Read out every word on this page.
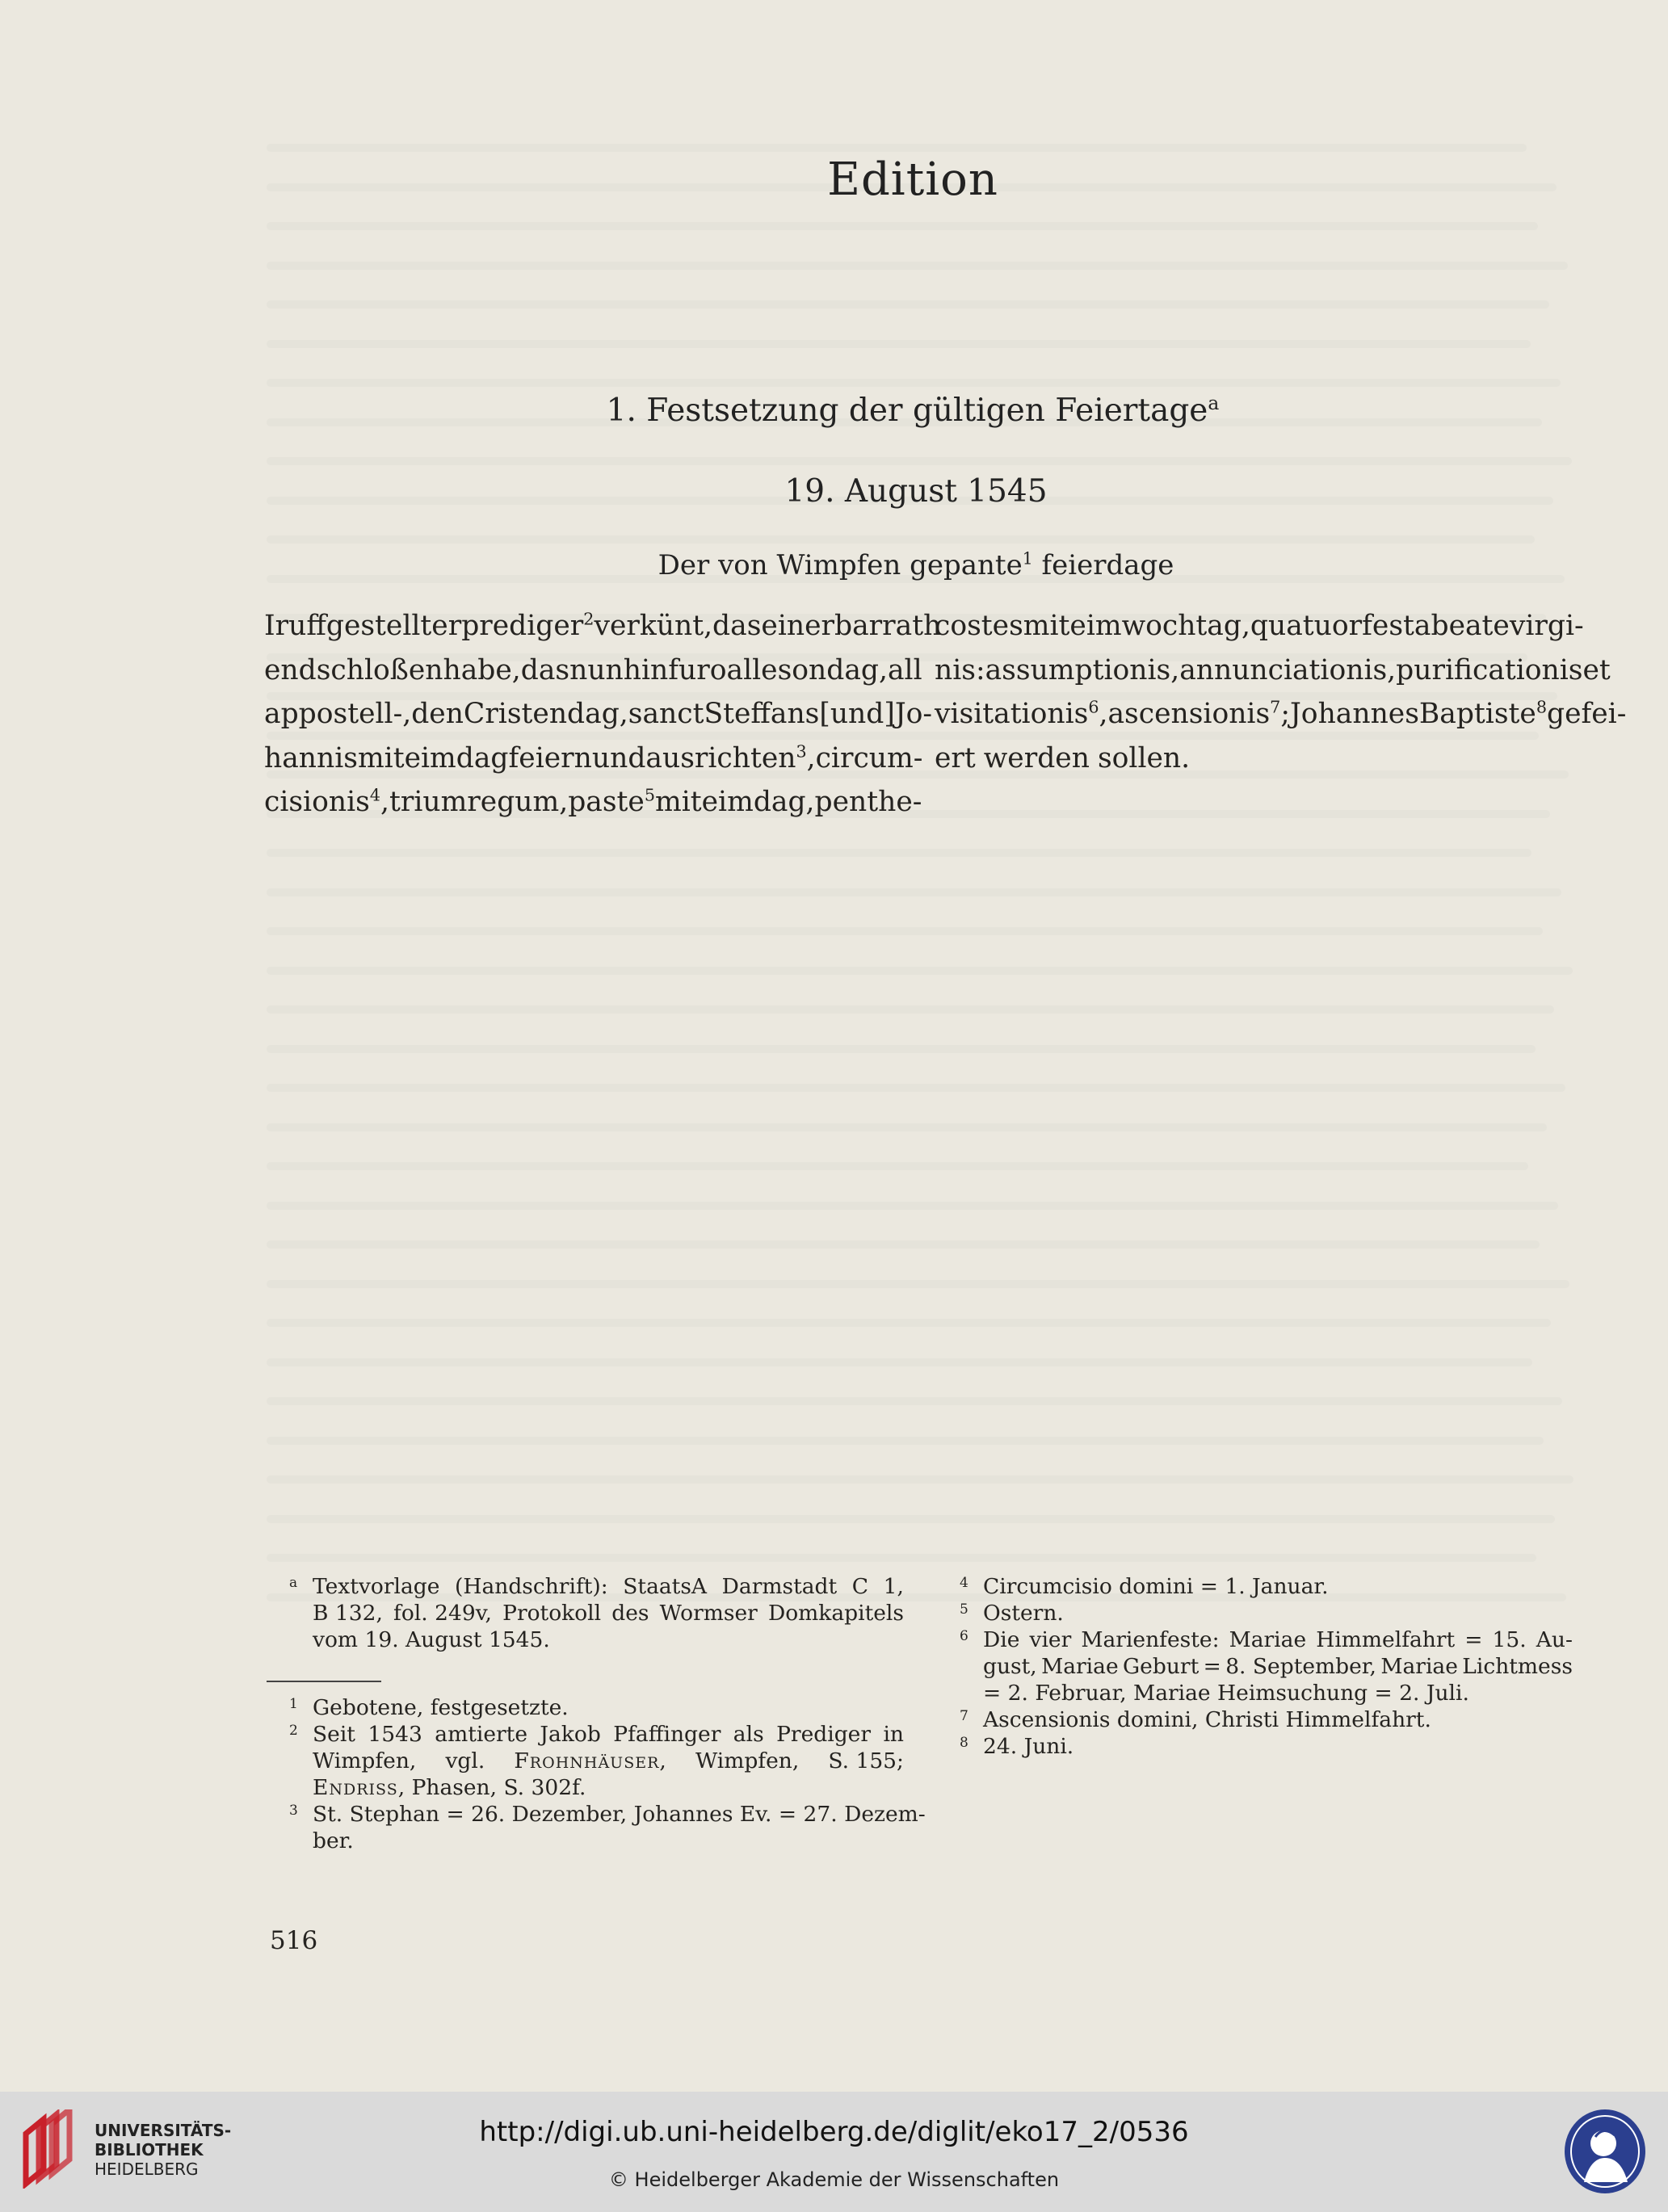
Edition
1. Festsetzung der gültigen Feiertage$^a$
19. August 1545
Der von Wimpfen gepante$^1$ feierdage
Ir uffgestellter prediger$^2$ verkünt, das ein erbar rath
endschloßen habe, das nun hinfuro alle sondag, all
appostell-, den Cristendag, sanct Steffans [und] Jo-
hannis mit eim dag feiern und ausrichten$^3$, circum-
cisionis$^4$, trium regum, paste$^5$ mit eim dag, penthe-
costes mit eim wochtag, quatuor festa beate virgi-
nis: assumptionis, annunciationis, purificationis et
visitationis$^6$, ascensionis$^7$; Johannes Baptiste$^8$ gefei-
ert werden sollen.
a Textvorlage (Handschrift): StaatsA Darmstadt C 1,
B 132, fol. 249v, Protokoll des Wormser Domkapitels
vom 19. August 1545.
1 Gebotene, festgesetzte.
2 Seit 1543 amtierte Jakob Pfaffinger als Prediger in
Wimpfen, vgl. Frohnhäuser, Wimpfen, S. 155;
Endriss, Phasen, S. 302f.
3 St. Stephan = 26. Dezember, Johannes Ev. = 27. Dezem-
ber.
4 Circumcisio domini = 1. Januar.
5 Ostern.
6 Die vier Marienfeste: Mariae Himmelfahrt = 15. Au-
gust, Mariae Geburt = 8. September, Mariae Lichtmess
= 2. Februar, Mariae Heimsuchung = 2. Juli.
7 Ascensionis domini, Christi Himmelfahrt.
8 24. Juni.
516
UNIVERSITÄTS-
BIBLIOTHEK
HEIDELBERG
http://digi.ub.uni-heidelberg.de/diglit/eko17_2/0536
© Heidelberger Akademie der Wissenschaften
